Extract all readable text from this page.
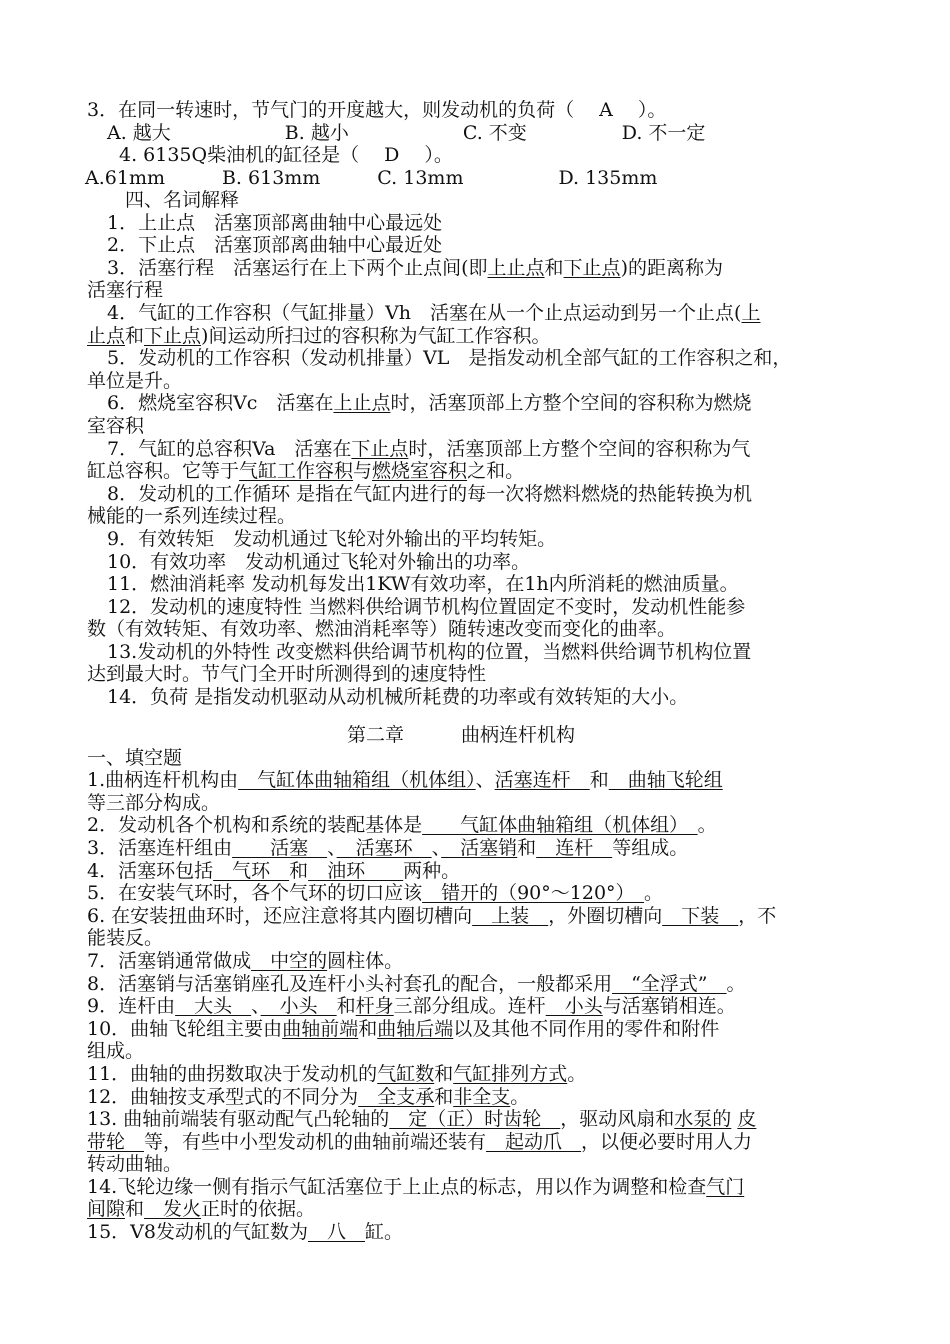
3．在同一转速时，节气门的开度越大，则发动机的负荷（　 A　 ）。
A. 越大　　　　　　B. 越小　　　　　　C. 不变　　　　　D. 不一定
4. 6135Q柴油机的缸径是（　 D　 ）。
A.61mm　　　B. 613mm　　　C. 13mm　　　　　D. 135mm
四、名词解释
1．上止点　活塞顶部离曲轴中心最远处
2．下止点　活塞顶部离曲轴中心最近处
3．活塞行程　活塞运行在上下两个止点间(即上止点和下止点)的距离称为
活塞行程
4．气缸的工作容积（气缸排量）Vh　活塞在从一个止点运动到另一个止点(上
止点和下止点)间运动所扫过的容积称为气缸工作容积。
5．发动机的工作容积（发动机排量）VL　是指发动机全部气缸的工作容积之和，
单位是升。
6．燃烧室容积Vc　活塞在上止点时，活塞顶部上方整个空间的容积称为燃烧
室容积
7．气缸的总容积Va　活塞在下止点时，活塞顶部上方整个空间的容积称为气
缸总容积。它等于气缸工作容积与燃烧室容积之和。
8．发动机的工作循环 是指在气缸内进行的每一次将燃料燃烧的热能转换为机
械能的一系列连续过程。
9．有效转矩　发动机通过飞轮对外输出的平均转矩。
10．有效功率　发动机通过飞轮对外输出的功率。
11．燃油消耗率 发动机每发出1KW有效功率，在1h内所消耗的燃油质量。
12．发动机的速度特性 当燃料供给调节机构位置固定不变时，发动机性能参
数（有效转矩、有效功率、燃油消耗率等）随转速改变而变化的曲率。
13.发动机的外特性 改变燃料供给调节机构的位置，当燃料供给调节机构位置
达到最大时。节气门全开时所测得到的速度特性
14．负荷 是指发动机驱动从动机械所耗费的功率或有效转矩的大小。
第二章　　　曲柄连杆机构
一、填空题
1.曲柄连杆机构由　气缸体曲轴箱组（机体组）、活塞连杆　和　曲轴飞轮组
等三部分构成。
2．发动机各个机构和系统的装配基体是　　气缸体曲轴箱组（机体组）　。
3．活塞连杆组由　　活塞　、　活塞环　、　活塞销和　连杆　等组成。
4．活塞环包括　气环　和　油环　　两种。
5．在安装气环时，各个气环的切口应该　错开的（90°～120°）　。
6. 在安装扭曲环时，还应注意将其内圈切槽向　上装　，外圈切槽向　下装　，不
能装反。
7．活塞销通常做成　中空的圆柱体。
8．活塞销与活塞销座孔及连杆小头衬套孔的配合，一般都采用　“全浮式”　。
9．连杆由　大头　、　小头　和杆身三部分组成。连杆　小头与活塞销相连。
10．曲轴飞轮组主要由曲轴前端和曲轴后端以及其他不同作用的零件和附件
组成。
11．曲轴的曲拐数取决于发动机的气缸数和气缸排列方式。
12．曲轴按支承型式的不同分为　全支承和非全支。
13. 曲轴前端装有驱动配气凸轮轴的　定（正）时齿轮　，驱动风扇和水泵的 皮
带轮　等，有些中小型发动机的曲轴前端还装有　起动爪　，以便必要时用人力
转动曲轴。
14.飞轮边缘一侧有指示气缸活塞位于上止点的标志，用以作为调整和检查气门
间隙和　发火正时的依据。
15．V8发动机的气缸数为　八　缸。
